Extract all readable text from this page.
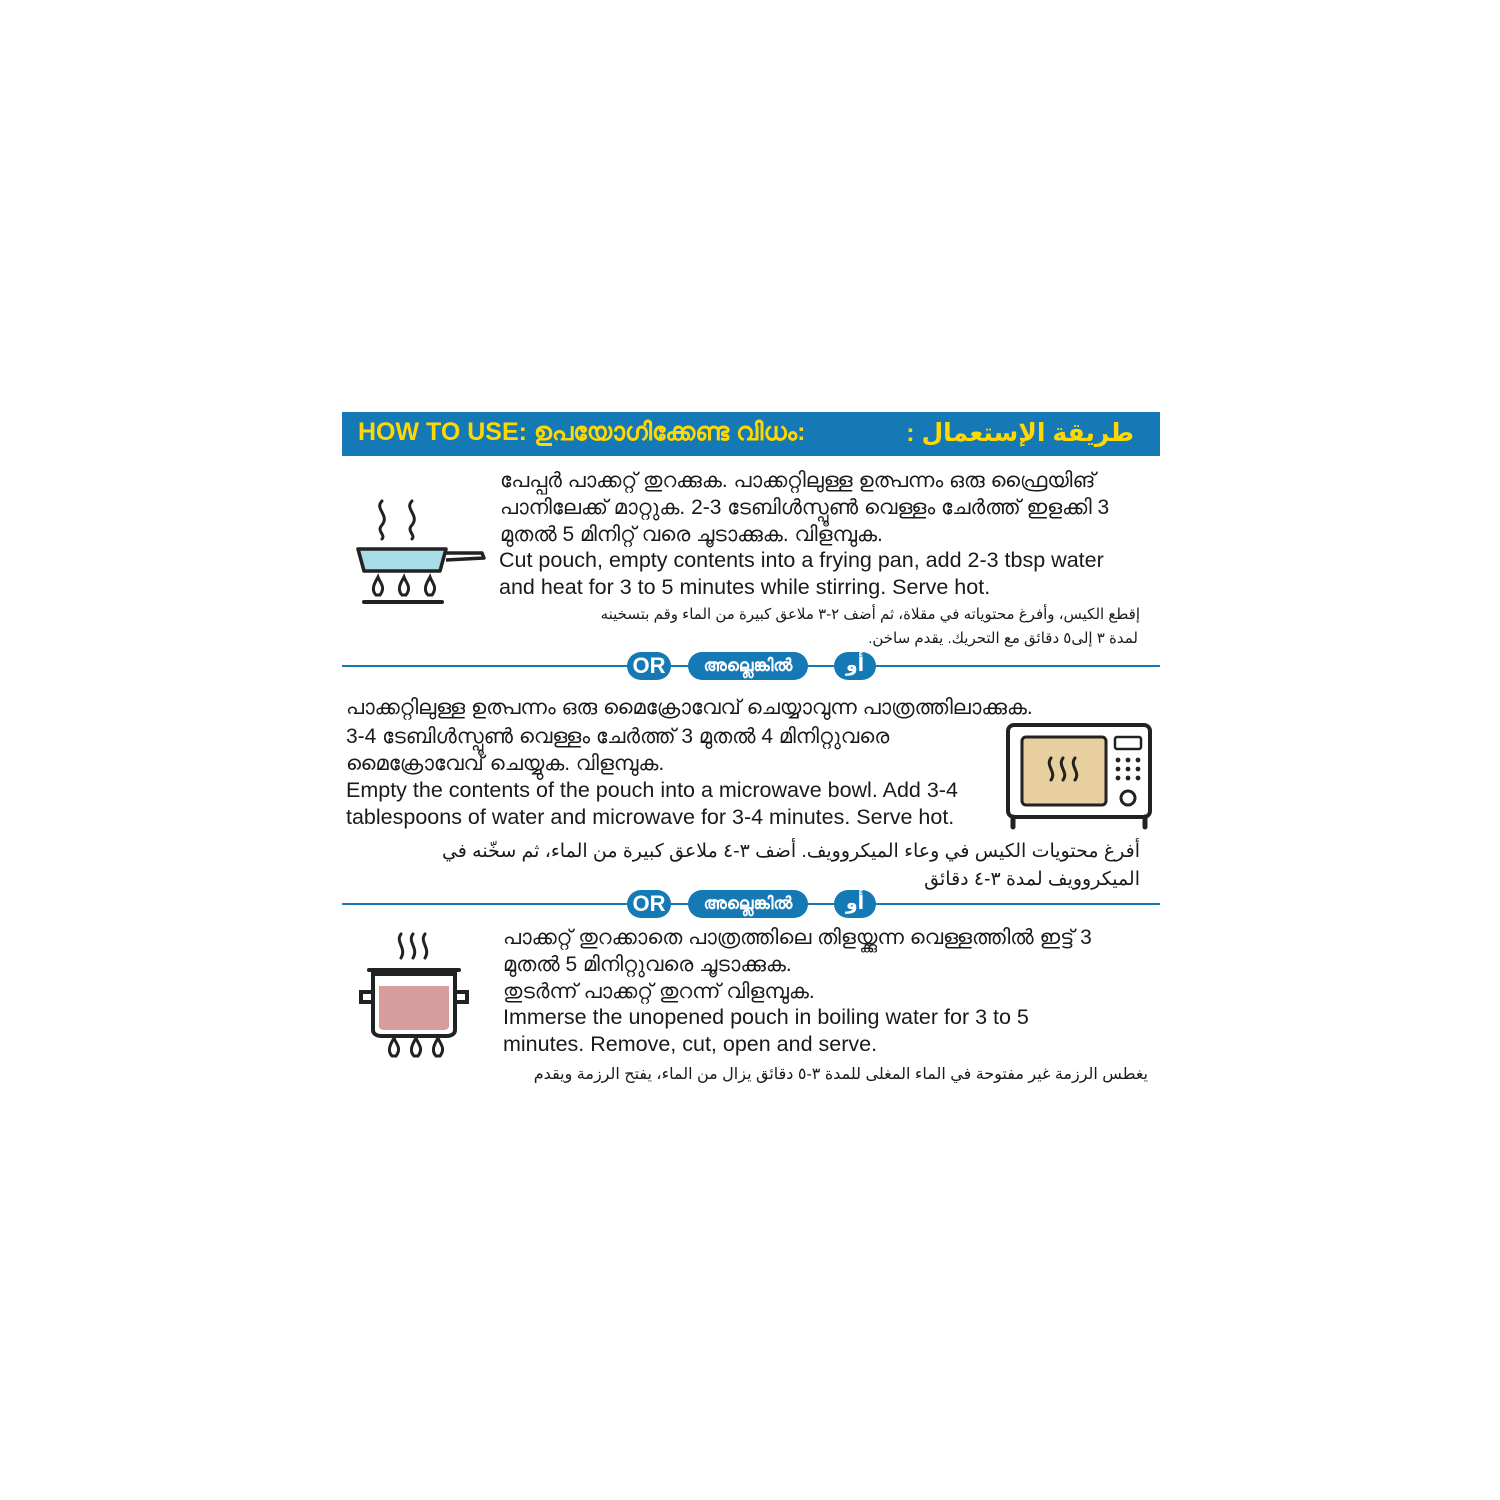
HOW TO USE: ഉപയോഗിക്കേണ്ട വിധം:	طريقة الإستعمال :
പേപ്പർ പാക്കറ്റ് തുറക്കുക. പാക്കറ്റിലുള്ള ഉത്പന്നം ഒരു ഫ്രൈയിങ്
പാനിലേക്ക് മാറ്റുക. 2-3 ടേബിൾസ്പൂൺ വെള്ളം ചേർത്ത് ഇളക്കി 3
മുതൽ 5 മിനിറ്റ് വരെ ചൂടാക്കുക. വിളമ്പുക.
Cut pouch, empty contents into a frying pan, add 2-3 tbsp water
and heat for 3 to 5 minutes while stirring. Serve hot.
إقطع الكيس، وأفرغ محتوياته في مقلاة، ثم أضف ٢-٣ ملاعق كبيرة من الماء وقم بتسخينه
لمدة ٣ إلى٥ دقائق مع التحريك. يقدم ساخن.
OR	അല്ലെങ്കിൽ	أو
പാക്കറ്റിലുള്ള ഉത്പന്നം ഒരു മൈക്രോവേവ് ചെയ്യാവുന്ന പാത്രത്തിലാക്കുക.
3-4 ടേബിൾസ്പൂൺ വെള്ളം ചേർത്ത് 3 മുതൽ 4 മിനിറ്റുവരെ
മൈക്രോവേവ് ചെയ്യുക. വിളമ്പുക.
Empty the contents of the pouch into a microwave bowl. Add 3-4
tablespoons of water and microwave for 3-4 minutes. Serve hot.
أفرغ محتويات الكيس في وعاء الميكروويف. أضف ٣-٤ ملاعق كبيرة من الماء، ثم سخّنه في
الميكروويف لمدة ٣-٤ دقائق
OR	അല്ലെങ്കിൽ	أو
പാക്കറ്റ് തുറക്കാതെ പാത്രത്തിലെ തിളയ്ക്കുന്ന വെള്ളത്തിൽ ഇട്ട് 3
മുതൽ 5 മിനിറ്റുവരെ ചൂടാക്കുക.
തുടർന്ന് പാക്കറ്റ് തുറന്ന് വിളമ്പുക.
Immerse the unopened pouch in boiling water for 3 to 5
minutes. Remove, cut, open and serve.
يغطس الرزمة غير مفتوحة في الماء المغلى للمدة ٣-٥ دقائق يزال من الماء، يفتح الرزمة ويقدم
